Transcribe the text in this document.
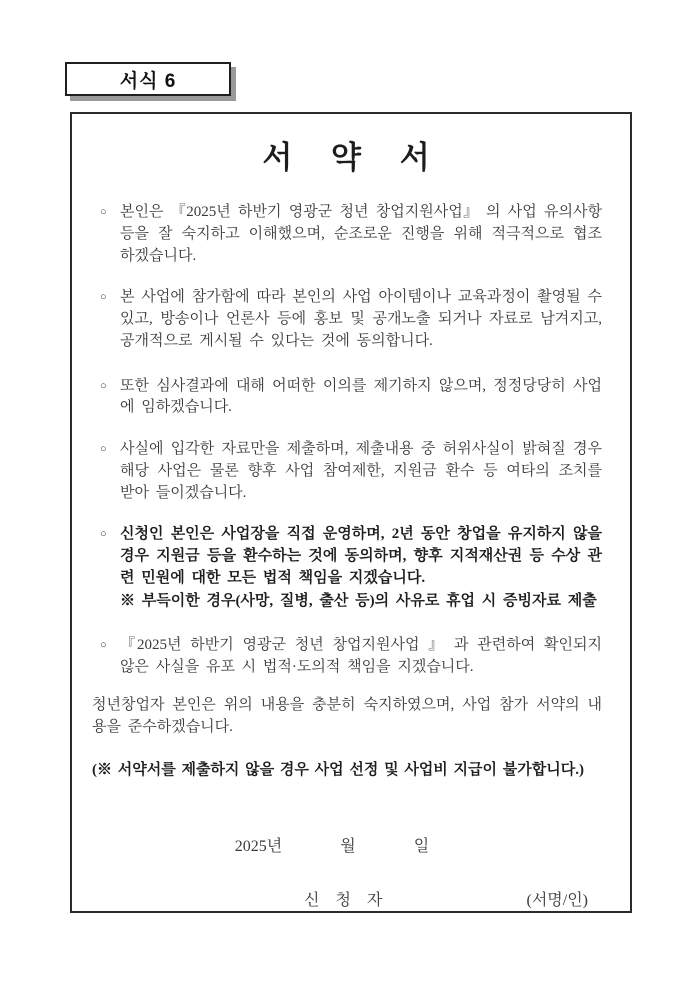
서식 6
서 약 서
○ 본인은 『2025년 하반기 영광군 청년 창업지원사업』 의 사업 유의사항 등을 잘 숙지하고 이해했으며, 순조로운 진행을 위해 적극적으로 협조 하겠습니다.
○ 본 사업에 참가함에 따라 본인의 사업 아이템이나 교육과정이 촬영될 수 있고, 방송이나 언론사 등에 홍보 및 공개노출 되거나 자료로 남겨지고, 공개적으로 게시될 수 있다는 것에 동의합니다.
○ 또한 심사결과에 대해 어떠한 이의를 제기하지 않으며, 정정당당히 사업에 임하겠습니다.
○ 사실에 입각한 자료만을 제출하며, 제출내용 중 허위사실이 밝혀질 경우 해당 사업은 물론 향후 사업 참여제한, 지원금 환수 등 여타의 조치를 받아 들이겠습니다.
○ 신청인 본인은 사업장을 직접 운영하며, 2년 동안 창업을 유지하지 않을 경우 지원금 등을 환수하는 것에 동의하며, 향후 지적재산권 등 수상 관련 민원에 대한 모든 법적 책임을 지겠습니다.
※ 부득이한 경우(사망, 질병, 출산 등)의 사유로 휴업 시 증빙자료 제출
○ 『2025년 하반기 영광군 청년 창업지원사업 』 과 관련하여 확인되지 않은 사실을 유포 시 법적·도의적 책임을 지겠습니다.
청년창업자 본인은 위의 내용을 충분히 숙지하였으며, 사업 참가 서약의 내용을 준수하겠습니다.
(※ 서약서를 제출하지 않을 경우 사업 선정 및 사업비 지급이 불가합니다.)
2025년	월	일
신 청 자	(서명/인)
